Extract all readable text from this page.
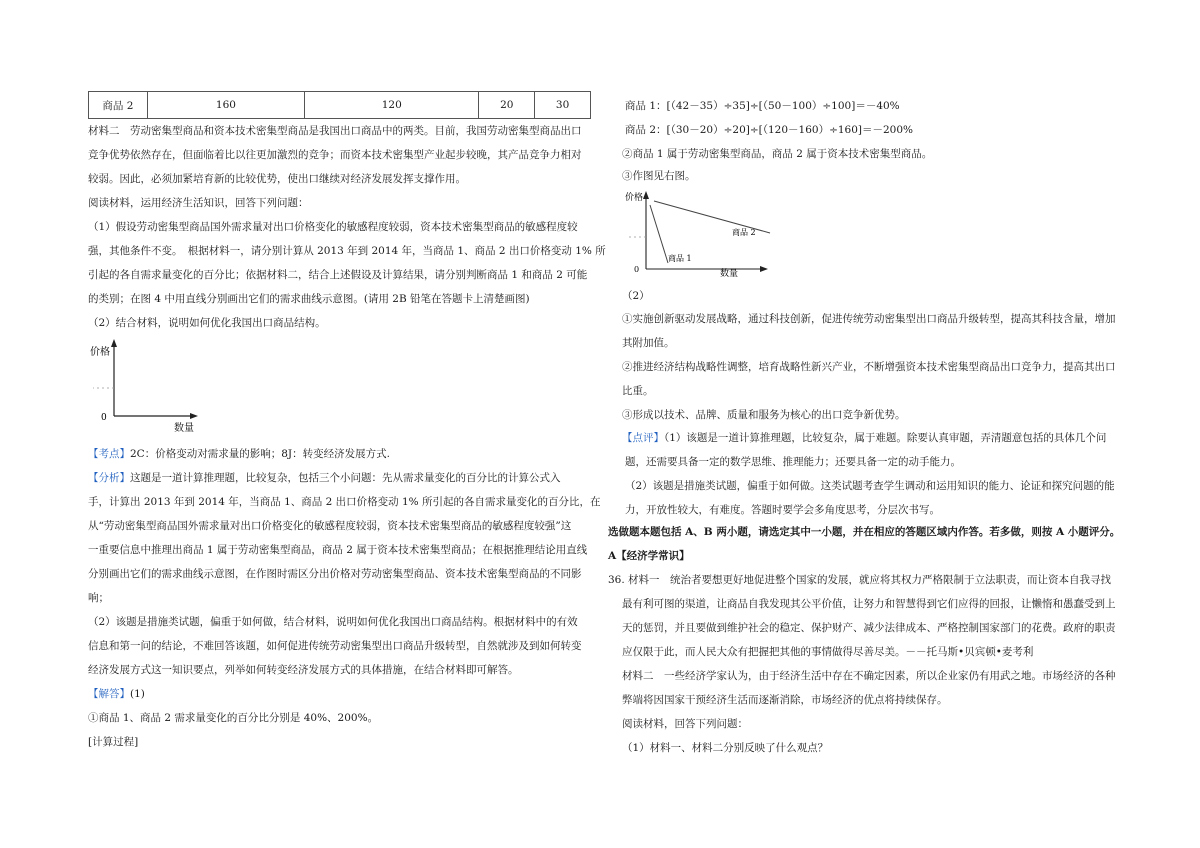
商品 2	160	120	20	30
材料二　劳动密集型商品和资本技术密集型商品是我国出口商品中的两类。目前，我国劳动密集型商品出口
竞争优势依然存在，但面临着比以往更加激烈的竞争；而资本技术密集型产业起步较晚，其产品竞争力相对
较弱。因此，必须加紧培育新的比较优势，使出口继续对经济发展发挥支撑作用。
阅读材料，运用经济生活知识，回答下列问题：
（1）假设劳动密集型商品国外需求量对出口价格变化的敏感程度较弱，资本技术密集型商品的敏感程度较
强，其他条件不变。　根据材料一，请分别计算从 2013 年到 2014 年，当商品 1、商品 2 出口价格变动 1% 所
引起的各自需求量变化的百分比；依据材料二，结合上述假设及计算结果，请分别判断商品 1 和商品 2 可能
的类别；在图 4 中用直线分别画出它们的需求曲线示意图。(请用 2B 铅笔在答题卡上清楚画图)
（2）结合材料，说明如何优化我国出口商品结构。
价格
0
数量
【考点】2C：价格变动对需求量的影响；8J：转变经济发展方式.
【分析】这题是一道计算推理题，比较复杂，包括三个小问题：先从需求量变化的百分比的计算公式入
手，计算出 2013 年到 2014 年，当商品 1、商品 2 出口价格变动 1% 所引起的各自需求量变化的百分比，在
从“劳动密集型商品国外需求量对出口价格变化的敏感程度较弱，资本技术密集型商品的敏感程度较强”这
一重要信息中推理出商品 1 属于劳动密集型商品，商品 2 属于资本技术密集型商品；在根据推理结论用直线
分别画出它们的需求曲线示意图，在作图时需区分出价格对劳动密集型商品、资本技术密集型商品的不同影
响；
（2）该题是措施类试题，偏重于如何做，结合材料，说明如何优化我国出口商品结构。根据材料中的有效
信息和第一问的结论，不难回答该题，如何促进传统劳动密集型出口商品升级转型，自然就涉及到如何转变
经济发展方式这一知识要点，列举如何转变经济发展方式的具体措施，在结合材料即可解答。
【解答】(1)
①商品 1、商品 2 需求量变化的百分比分别是 40%、200%。
[计算过程]
商品 1：[（42－35）÷35]÷[（50－100）÷100]＝－40%
商品 2：[（30－20）÷20]÷[（120－160）÷160]＝－200%
②商品 1 属于劳动密集型商品，商品 2 属于资本技术密集型商品。
③作图见右图。
价格
0	数量
商品 1
商品 2
（2）
①实施创新驱动发展战略，通过科技创新，促进传统劳动密集型出口商品升级转型，提高其科技含量，增加
其附加值。
②推进经济结构战略性调整，培育战略性新兴产业，不断增强资本技术密集型商品出口竞争力，提高其出口
比重。
③形成以技术、品牌、质量和服务为核心的出口竞争新优势。
【点评】（1）该题是一道计算推理题，比较复杂，属于难题。除要认真审题，弄清题意包括的具体几个问
题，还需要具备一定的数学思维、推理能力；还要具备一定的动手能力。
（2）该题是措施类试题，偏重于如何做。这类试题考查学生调动和运用知识的能力、论证和探究问题的能
力，开放性较大，有难度。答题时要学会多角度思考，分层次书写。
选做题本题包括 A、B 两小题，请选定其中一小题，并在相应的答题区域内作答。若多做，则按 A 小题评分。
A【经济学常识】
36. 材料一　统治者要想更好地促进整个国家的发展，就应将其权力严格限制于立法职责，而让资本自我寻找
最有利可图的渠道，让商品自我发现其公平价值，让努力和智慧得到它们应得的回报，让懒惰和愚蠢受到上
天的惩罚，并且要做到维护社会的稳定、保护财产、减少法律成本、严格控制国家部门的花费。政府的职责
应仅限于此，而人民大众有把握把其他的事情做得尽善尽美。－－托马斯•贝宾顿•麦考利
材料二　一些经济学家认为，由于经济生活中存在不确定因素，所以企业家仍有用武之地。市场经济的各种
弊端将因国家干预经济生活而逐渐消除，市场经济的优点将持续保存。
阅读材料，回答下列问题：
（1）材料一、材料二分别反映了什么观点？
